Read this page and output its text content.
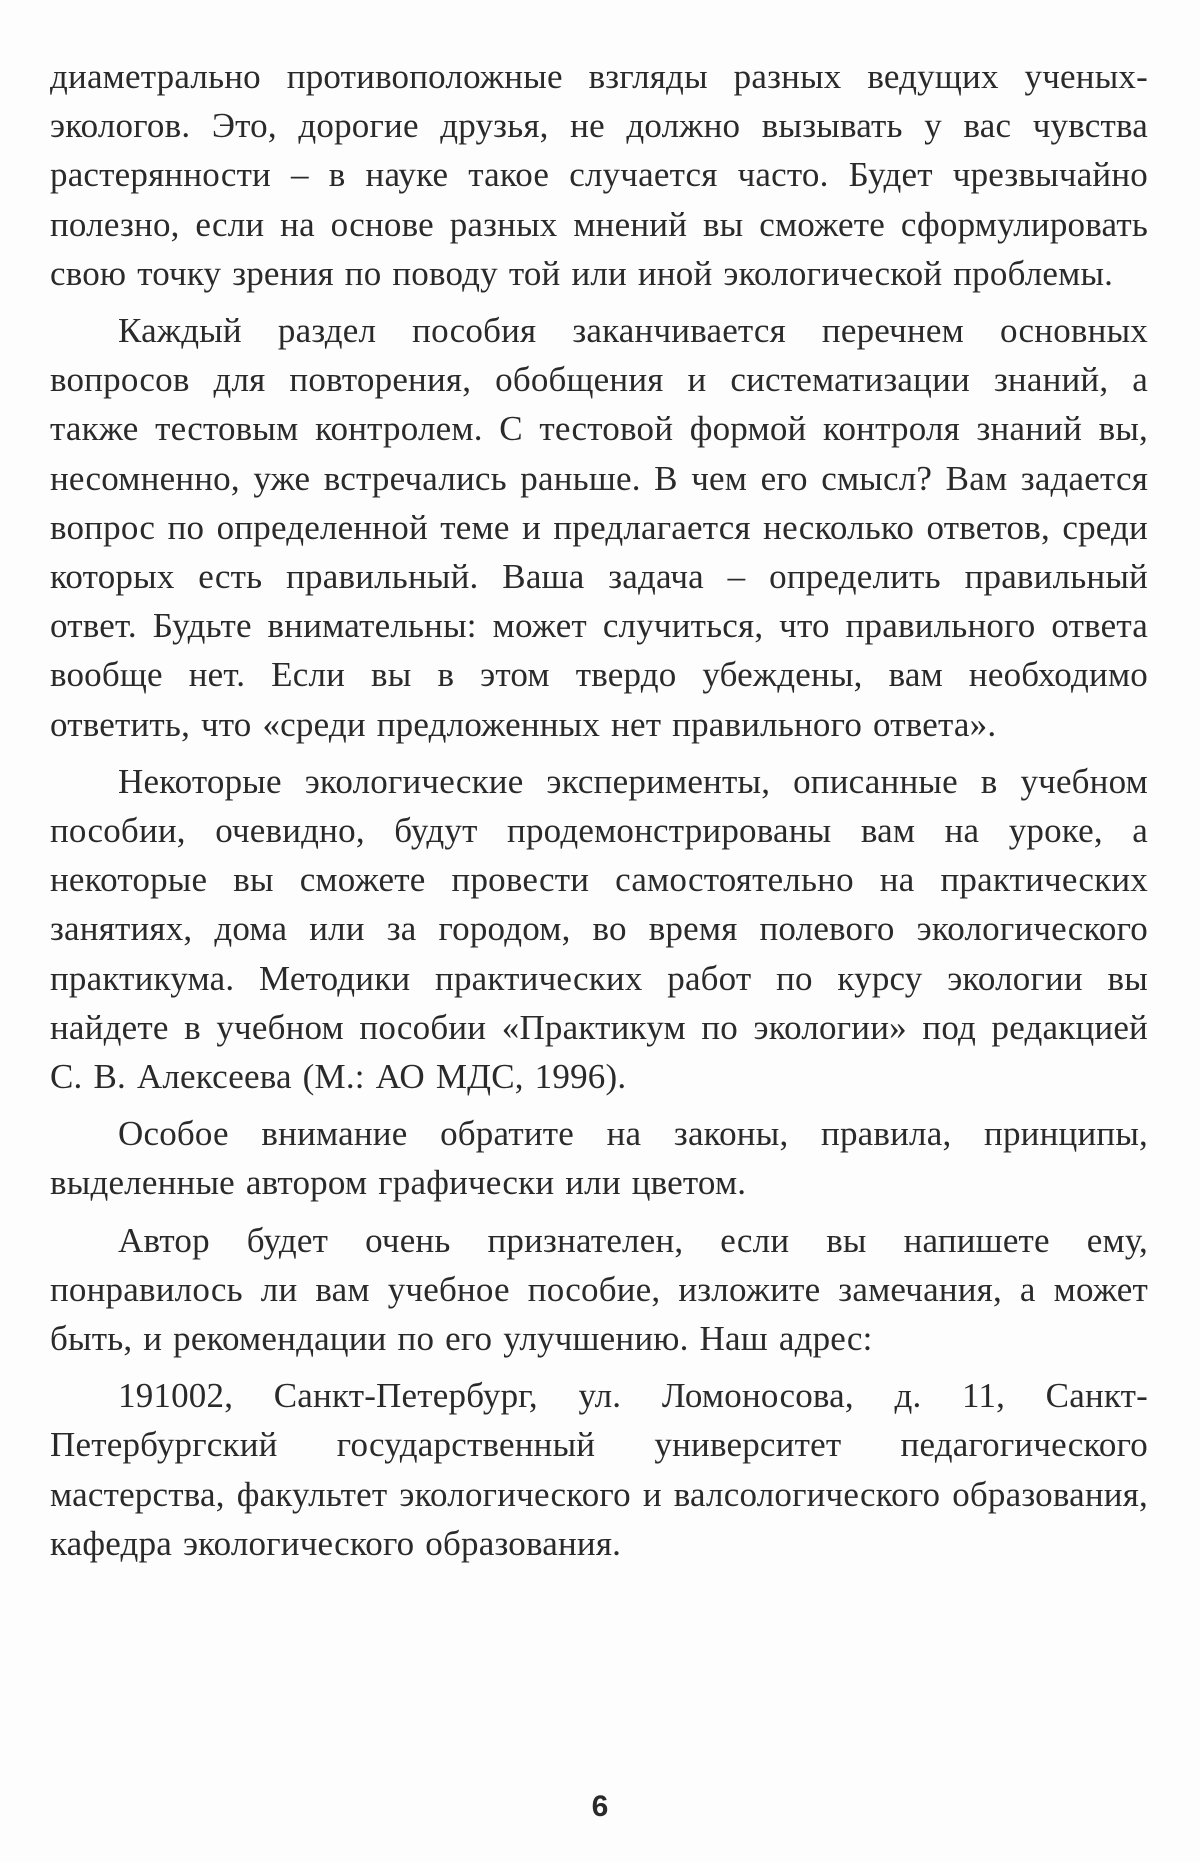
диаметрально противоположные взгляды разных ведущих ученых-экологов. Это, дорогие друзья, не должно вызывать у вас чувства растерянности – в науке такое случается часто. Будет чрезвычайно полезно, если на основе разных мнений вы сможете сформулировать свою точку зрения по поводу той или иной экологической проблемы.

Каждый раздел пособия заканчивается перечнем основных вопросов для повторения, обобщения и систематизации знаний, а также тестовым контролем. С тестовой формой контроля знаний вы, несомненно, уже встречались раньше. В чем его смысл? Вам задается вопрос по определенной теме и предлагается несколько ответов, среди которых есть правильный. Ваша задача – определить правильный ответ. Будьте внимательны: может случиться, что правильного ответа вообще нет. Если вы в этом твердо убеждены, вам необходимо ответить, что «среди предложенных нет правильного ответа».

Некоторые экологические эксперименты, описанные в учебном пособии, очевидно, будут продемонстрированы вам на уроке, а некоторые вы сможете провести самостоятельно на практических занятиях, дома или за городом, во время полевого экологического практикума. Методики практических работ по курсу экологии вы найдете в учебном пособии «Практикум по экологии» под редакцией С. В. Алексеева (М.: АО МДС, 1996).

Особое внимание обратите на законы, правила, принципы, выделенные автором графически или цветом.

Автор будет очень признателен, если вы напишете ему, понравилось ли вам учебное пособие, изложите замечания, а может быть, и рекомендации по его улучшению. Наш адрес:

191002, Санкт-Петербург, ул. Ломоносова, д. 11, Санкт-Петербургский государственный университет педагогического мастерства, факультет экологического и валсологического образования, кафедра экологического образования.

6
